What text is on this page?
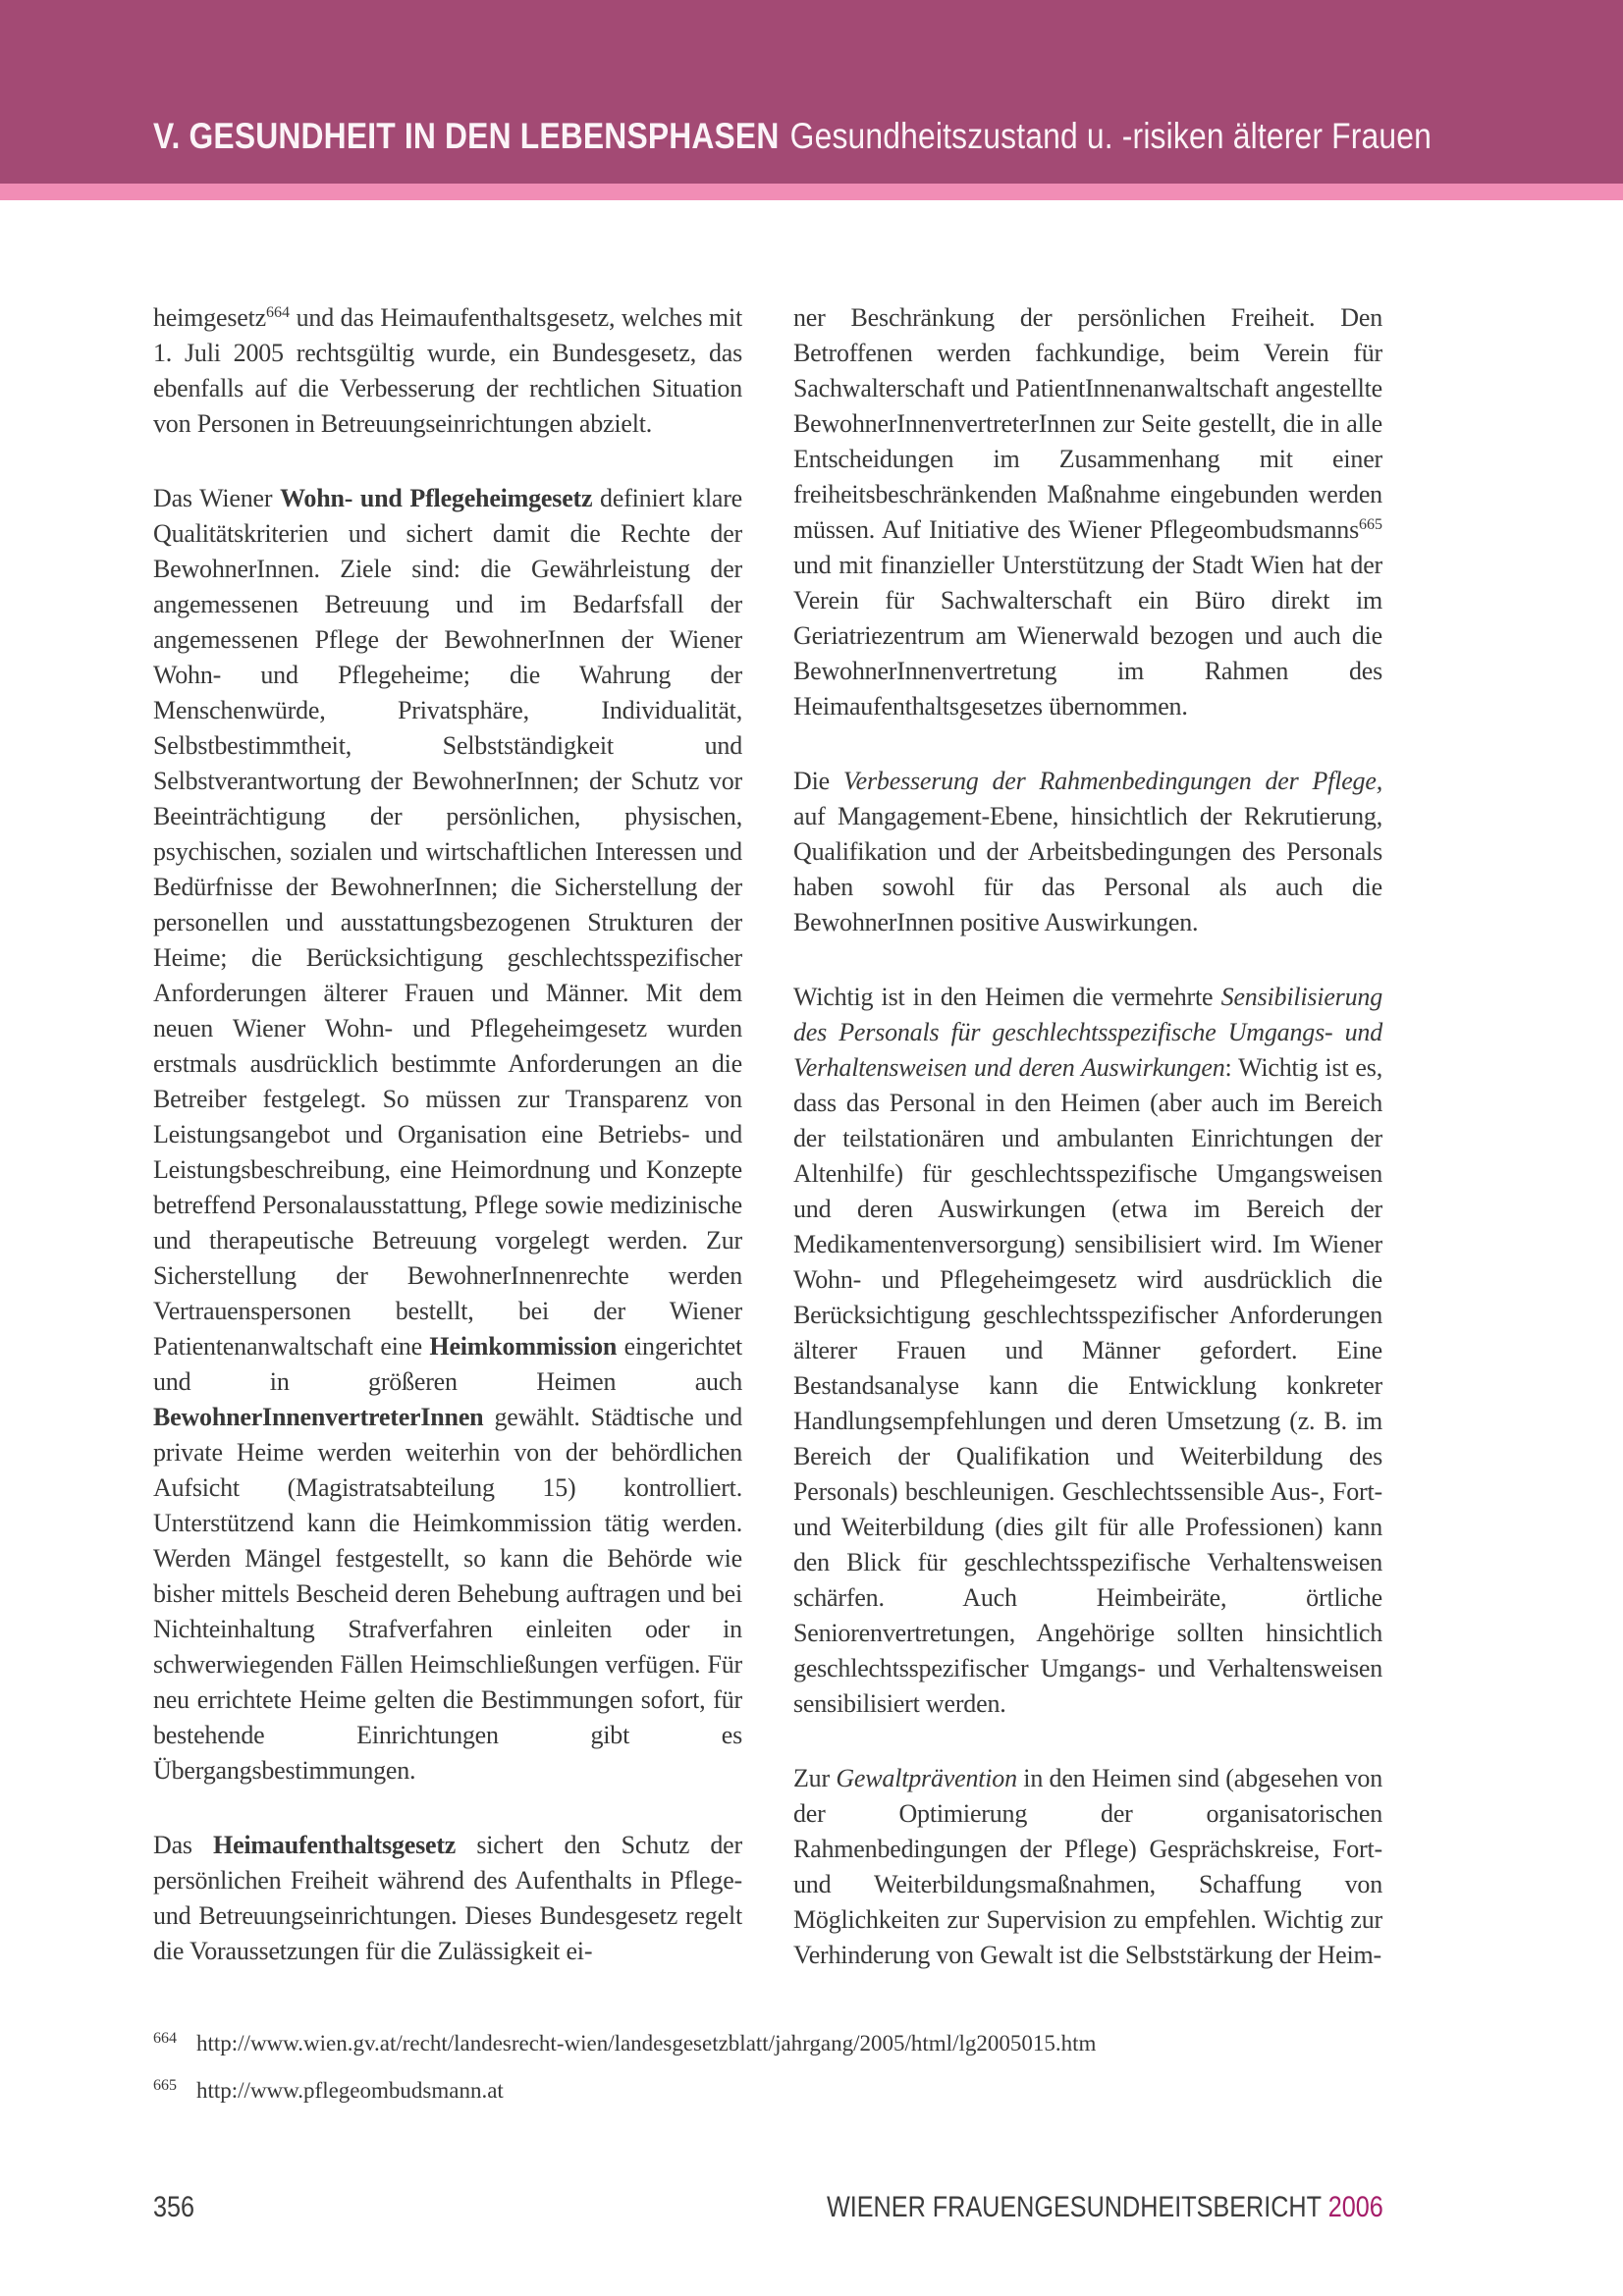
V. GESUNDHEIT IN DEN LEBENSPHASEN Gesundheitszustand u. -risiken älterer Frauen

heimgesetz$^{664}$ und das Heimaufenthaltsgesetz, welches mit 1. Juli 2005 rechtsgültig wurde, ein Bundesgesetz, das ebenfalls auf die Verbesserung der rechtlichen Situation von Personen in Betreuungseinrichtungen abzielt.

Das Wiener Wohn- und Pflegeheimgesetz definiert klare Qualitätskriterien und sichert damit die Rechte der BewohnerInnen. Ziele sind: die Gewährleistung der angemessenen Betreuung und im Bedarfsfall der angemessenen Pflege der BewohnerInnen der Wiener Wohn- und Pflegeheime; die Wahrung der Menschenwürde, Privatsphäre, Individualität, Selbstbestimmtheit, Selbstständigkeit und Selbstverantwortung der BewohnerInnen; der Schutz vor Beeinträchtigung der persönlichen, physischen, psychischen, sozialen und wirtschaftlichen Interessen und Bedürfnisse der BewohnerInnen; die Sicherstellung der personellen und ausstattungsbezogenen Strukturen der Heime; die Berücksichtigung geschlechtsspezifischer Anforderungen älterer Frauen und Männer. Mit dem neuen Wiener Wohn- und Pflegeheimgesetz wurden erstmals ausdrücklich bestimmte Anforderungen an die Betreiber festgelegt. So müssen zur Transparenz von Leistungsangebot und Organisation eine Betriebs- und Leistungsbeschreibung, eine Heimordnung und Konzepte betreffend Personalausstattung, Pflege sowie medizinische und therapeutische Betreuung vorgelegt werden. Zur Sicherstellung der BewohnerInnenrechte werden Vertrauenspersonen bestellt, bei der Wiener Patientenanwaltschaft eine Heimkommission eingerichtet und in größeren Heimen auch BewohnerInnenvertreterInnen gewählt. Städtische und private Heime werden weiterhin von der behördlichen Aufsicht (Magistratsabteilung 15) kontrolliert. Unterstützend kann die Heimkommission tätig werden. Werden Mängel festgestellt, so kann die Behörde wie bisher mittels Bescheid deren Behebung auftragen und bei Nichteinhaltung Strafverfahren einleiten oder in schwerwiegenden Fällen Heimschließungen verfügen. Für neu errichtete Heime gelten die Bestimmungen sofort, für bestehende Einrichtungen gibt es Übergangsbestimmungen.

Das Heimaufenthaltsgesetz sichert den Schutz der persönlichen Freiheit während des Aufenthalts in Pflege- und Betreuungseinrichtungen. Dieses Bundesgesetz regelt die Voraussetzungen für die Zulässigkeit ei-

ner Beschränkung der persönlichen Freiheit. Den Betroffenen werden fachkundige, beim Verein für Sachwalterschaft und PatientInnenanwaltschaft angestellte BewohnerInnenvertreterInnen zur Seite gestellt, die in alle Entscheidungen im Zusammenhang mit einer freiheitsbeschränkenden Maßnahme eingebunden werden müssen. Auf Initiative des Wiener Pflegeombudsmanns$^{665}$ und mit finanzieller Unterstützung der Stadt Wien hat der Verein für Sachwalterschaft ein Büro direkt im Geriatriezentrum am Wienerwald bezogen und auch die BewohnerInnenvertretung im Rahmen des Heimaufenthaltsgesetzes übernommen.

Die Verbesserung der Rahmenbedingungen der Pflege, auf Mangagement-Ebene, hinsichtlich der Rekrutierung, Qualifikation und der Arbeitsbedingungen des Personals haben sowohl für das Personal als auch die BewohnerInnen positive Auswirkungen.

Wichtig ist in den Heimen die vermehrte Sensibilisierung des Personals für geschlechtsspezifische Umgangs- und Verhaltensweisen und deren Auswirkungen: Wichtig ist es, dass das Personal in den Heimen (aber auch im Bereich der teilstationären und ambulanten Einrichtungen der Altenhilfe) für geschlechtsspezifische Umgangsweisen und deren Auswirkungen (etwa im Bereich der Medikamentenversorgung) sensibilisiert wird. Im Wiener Wohn- und Pflegeheimgesetz wird ausdrücklich die Berücksichtigung geschlechtsspezifischer Anforderungen älterer Frauen und Männer gefordert. Eine Bestandsanalyse kann die Entwicklung konkreter Handlungsempfehlungen und deren Umsetzung (z. B. im Bereich der Qualifikation und Weiterbildung des Personals) beschleunigen. Geschlechtssensible Aus-, Fort- und Weiterbildung (dies gilt für alle Professionen) kann den Blick für geschlechtsspezifische Verhaltensweisen schärfen. Auch Heimbeiräte, örtliche Seniorenvertretungen, Angehörige sollten hinsichtlich geschlechtsspezifischer Umgangs- und Verhaltensweisen sensibilisiert werden.

Zur Gewaltprävention in den Heimen sind (abgesehen von der Optimierung der organisatorischen Rahmenbedingungen der Pflege) Gesprächskreise, Fort- und Weiterbildungsmaßnahmen, Schaffung von Möglichkeiten zur Supervision zu empfehlen. Wichtig zur Verhinderung von Gewalt ist die Selbststärkung der Heim-

664 http://www.wien.gv.at/recht/landesrecht-wien/landesgesetzblatt/jahrgang/2005/html/lg2005015.htm
665 http://www.pflegeombudsmann.at
356	WIENER FRAUENGESUNDHEITSBERICHT 2006
